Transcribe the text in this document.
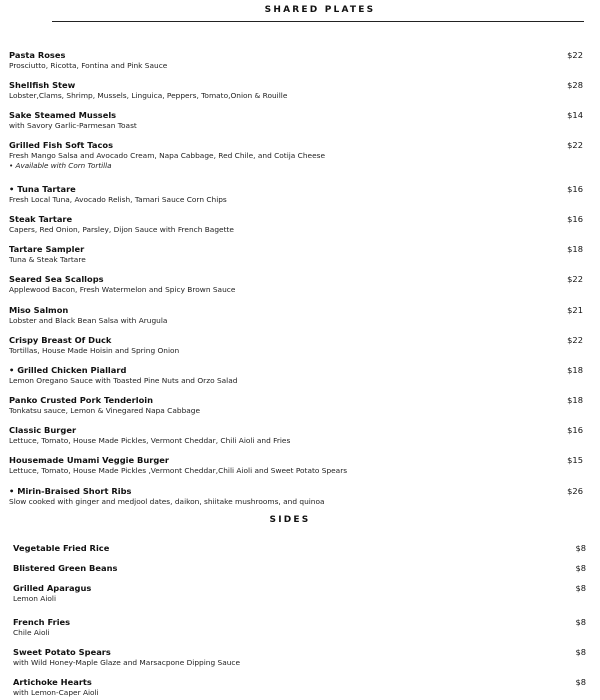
SHARED PLATES
SIDES
Pasta Roses
Prosciutto, Ricotta, Fontina and Pink Sauce
$22
Shellfish Stew
Lobster,Clams, Shrimp, Mussels, Linguica, Peppers, Tomato,Onion & Rouille
$28
Sake Steamed Mussels
with Savory Garlic-Parmesan Toast
$14
Grilled Fish Soft Tacos
Fresh Mango Salsa and Avocado Cream, Napa Cabbage, Red Chile, and Cotija Cheese
• Available with Corn Tortilla
$22
• Tuna Tartare
Fresh Local Tuna, Avocado Relish, Tamari Sauce Corn Chips
$16
Steak Tartare
Capers, Red Onion, Parsley, Dijon Sauce with French Bagette
$16
Tartare Sampler
Tuna & Steak Tartare
$18
Seared Sea Scallops
Applewood Bacon, Fresh Watermelon and Spicy Brown Sauce
$22
Miso Salmon
Lobster and Black Bean Salsa with Arugula
$21
Crispy Breast Of Duck
Tortillas, House Made Hoisin and Spring Onion
$22
• Grilled Chicken Piallard
Lemon Oregano Sauce with Toasted Pine Nuts and Orzo Salad
$18
Panko Crusted Pork Tenderloin
Tonkatsu sauce, Lemon & Vinegared Napa Cabbage
$18
Classic Burger
Lettuce, Tomato, House Made Pickles, Vermont Cheddar, Chili Aioli and Fries
$16
Housemade Umami Veggie Burger
Lettuce, Tomato, House Made Pickles ,Vermont Cheddar,Chili Aioli and Sweet Potato Spears
$15
• Mirin-Braised Short Ribs
Slow cooked with ginger and medjool dates, daikon, shiitake mushrooms, and quinoa
$26
Vegetable Fried Rice	$8
Blistered Green Beans	$8
Grilled Aparagus
Lemon Aioli
$8
French Fries
Chile Aioli
$8
Sweet Potato Spears
with Wild Honey-Maple Glaze and Marsacpone Dipping Sauce
$8
Artichoke Hearts
with Lemon-Caper Aioli
$8
